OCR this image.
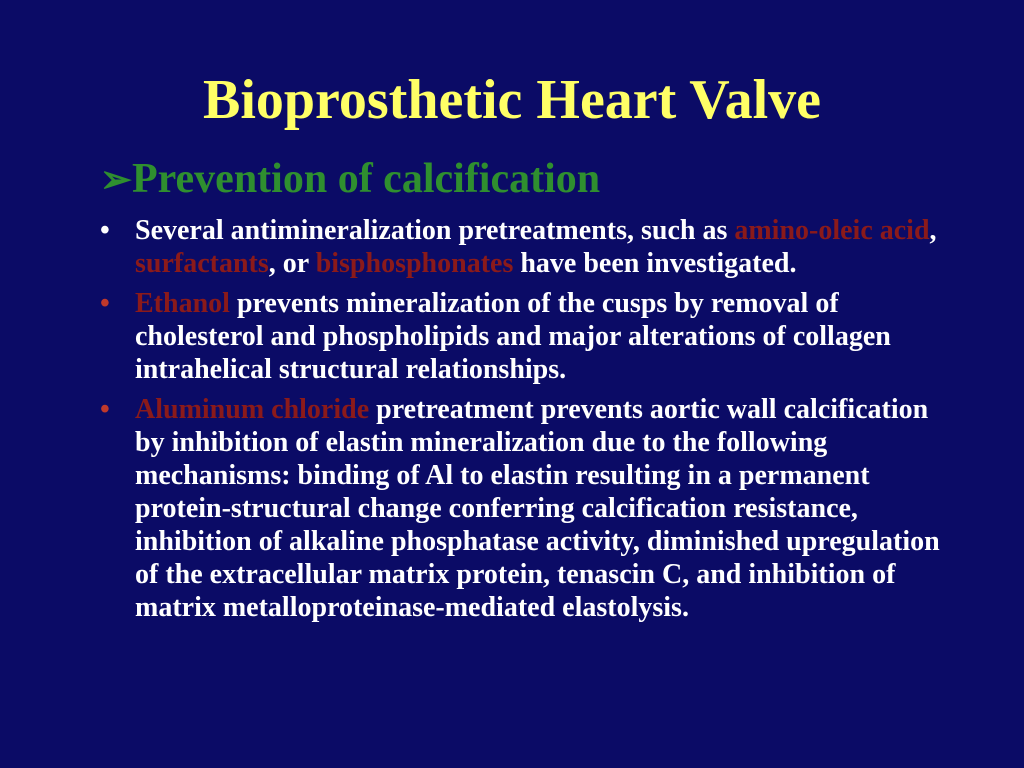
Bioprosthetic Heart Valve
➢Prevention of calcification
• Several antimineralization pretreatments, such as amino-oleic acid, surfactants, or bisphosphonates have been investigated.
• Ethanol prevents mineralization of the cusps by removal of cholesterol and phospholipids and major alterations of collagen intrahelical structural relationships.
• Aluminum chloride pretreatment prevents aortic wall calcification by inhibition of elastin mineralization due to the following mechanisms: binding of Al to elastin resulting in a permanent protein-structural change conferring calcification resistance, inhibition of alkaline phosphatase activity, diminished upregulation of the extracellular matrix protein, tenascin C, and inhibition of matrix metalloproteinase-mediated elastolysis.
